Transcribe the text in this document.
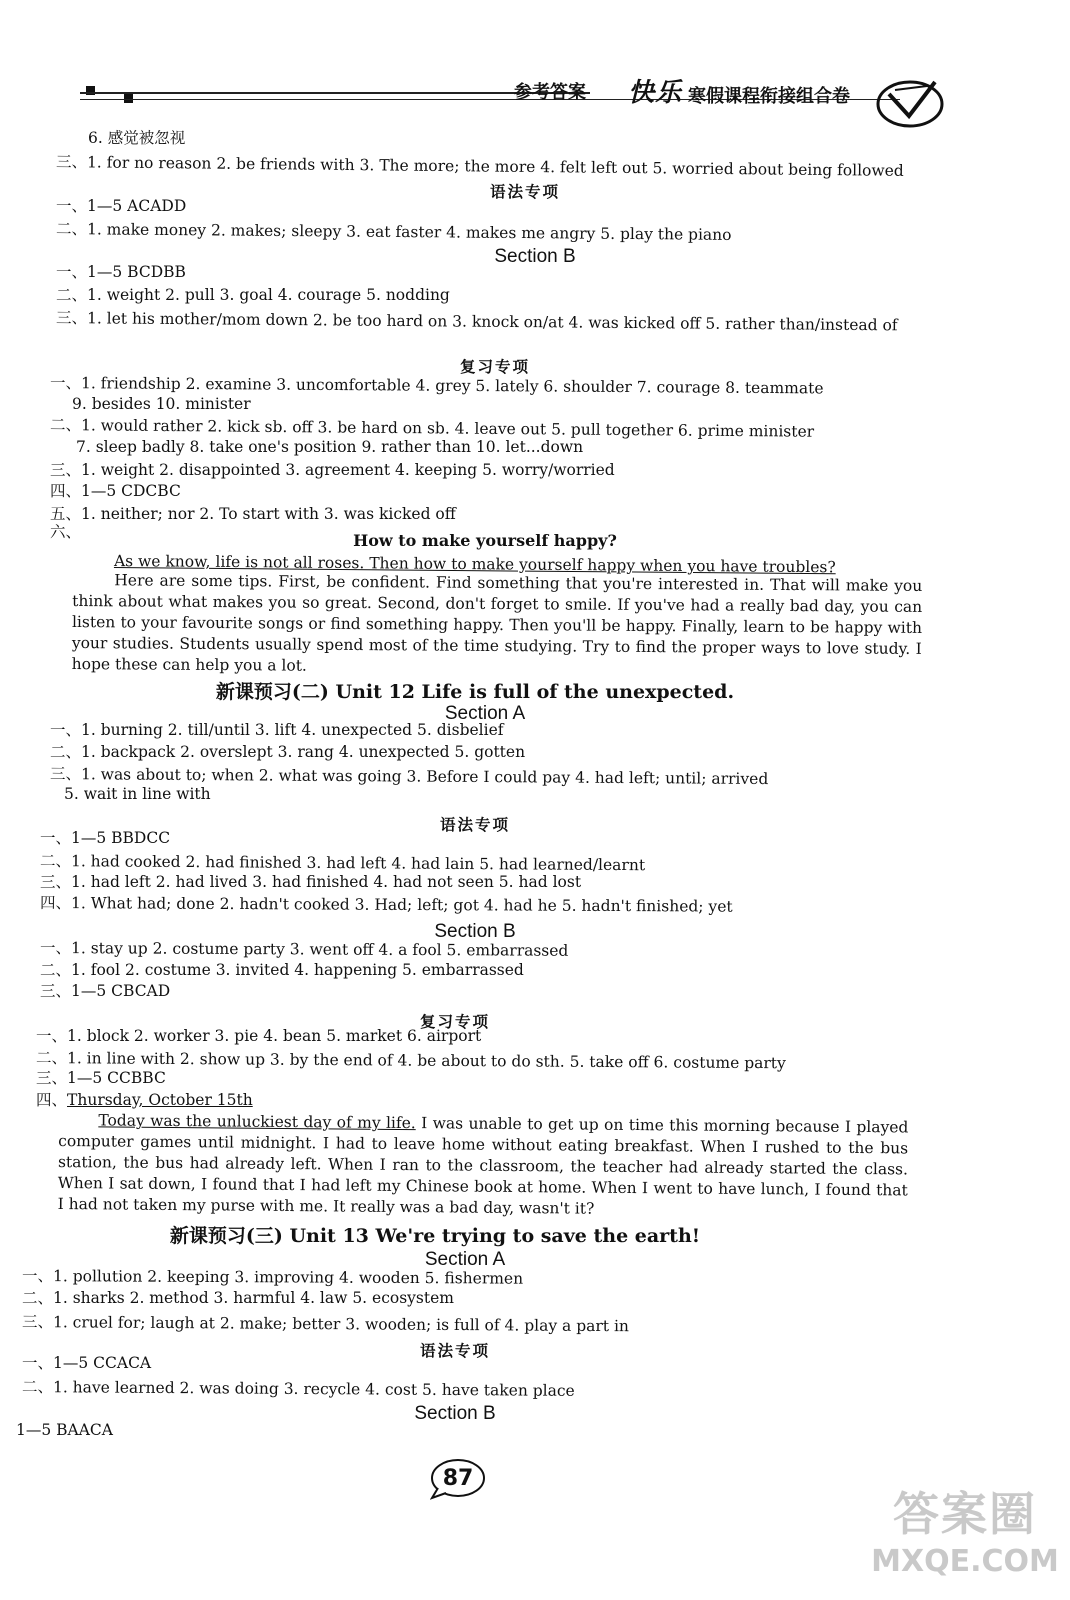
参考答案 快乐 寒假课程衔接组合卷
6. 感觉被忽视
三、1. for no reason 2. be friends with 3. The more; the more 4. felt left out 5. worried about being followed
语法专项
一、1—5 ACADD
二、1. make money 2. makes; sleepy 3. eat faster 4. makes me angry 5. play the piano
Section B
一、1—5 BCDBB
二、1. weight 2. pull 3. goal 4. courage 5. nodding
三、1. let his mother/mom down 2. be too hard on 3. knock on/at 4. was kicked off 5. rather than/instead of
复习专项
一、1. friendship 2. examine 3. uncomfortable 4. grey 5. lately 6. shoulder 7. courage 8. teammate
9. besides 10. minister
二、1. would rather 2. kick sb. off 3. be hard on sb. 4. leave out 5. pull together 6. prime minister
7. sleep badly 8. take one's position 9. rather than 10. let...down
三、1. weight 2. disappointed 3. agreement 4. keeping 5. worry/worried
四、1—5 CDCBC
五、1. neither; nor 2. To start with 3. was kicked off
六、	How to make yourself happy?
As we know, life is not all roses. Then how to make yourself happy when you have troubles?
Here are some tips. First, be confident. Find something that you're interested in. That will make you think about what makes you so great. Second, don't forget to smile. If you've had a really bad day, you can listen to your favourite songs or find something happy. Then you'll be happy. Finally, learn to be happy with your studies. Students usually spend most of the time studying. Try to find the proper ways to love study. I hope these can help you a lot.
新课预习(二) Unit 12 Life is full of the unexpected.
Section A
一、1. burning 2. till/until 3. lift 4. unexpected 5. disbelief
二、1. backpack 2. overslept 3. rang 4. unexpected 5. gotten
三、1. was about to; when 2. what was going 3. Before I could pay 4. had left; until; arrived
5. wait in line with
语法专项
一、1—5 BBDCC
二、1. had cooked 2. had finished 3. had left 4. had lain 5. had learned/learnt
三、1. had left 2. had lived 3. had finished 4. had not seen 5. had lost
四、1. What had; done 2. hadn't cooked 3. Had; left; got 4. had he 5. hadn't finished; yet
Section B
一、1. stay up 2. costume party 3. went off 4. a fool 5. embarrassed
二、1. fool 2. costume 3. invited 4. happening 5. embarrassed
三、1—5 CBCAD
复习专项
一、1. block 2. worker 3. pie 4. bean 5. market 6. airport
二、1. in line with 2. show up 3. by the end of 4. be about to do sth. 5. take off 6. costume party
三、1—5 CCBBC
四、Thursday, October 15th
Today was the unluckiest day of my life. I was unable to get up on time this morning because I played computer games until midnight. I had to leave home without eating breakfast. When I rushed to the bus station, the bus had already left. When I ran to the classroom, the teacher had already started the class. When I sat down, I found that I had left my Chinese book at home. When I went to have lunch, I found that I had not taken my purse with me. It really was a bad day, wasn't it?
新课预习(三) Unit 13 We're trying to save the earth!
Section A
一、1. pollution 2. keeping 3. improving 4. wooden 5. fishermen
二、1. sharks 2. method 3. harmful 4. law 5. ecosystem
三、1. cruel for; laugh at 2. make; better 3. wooden; is full of 4. play a part in
语法专项
一、1—5 CCACA
二、1. have learned 2. was doing 3. recycle 4. cost 5. have taken place
Section B
1—5 BAACA
87
答案圈
MXQE.COM
